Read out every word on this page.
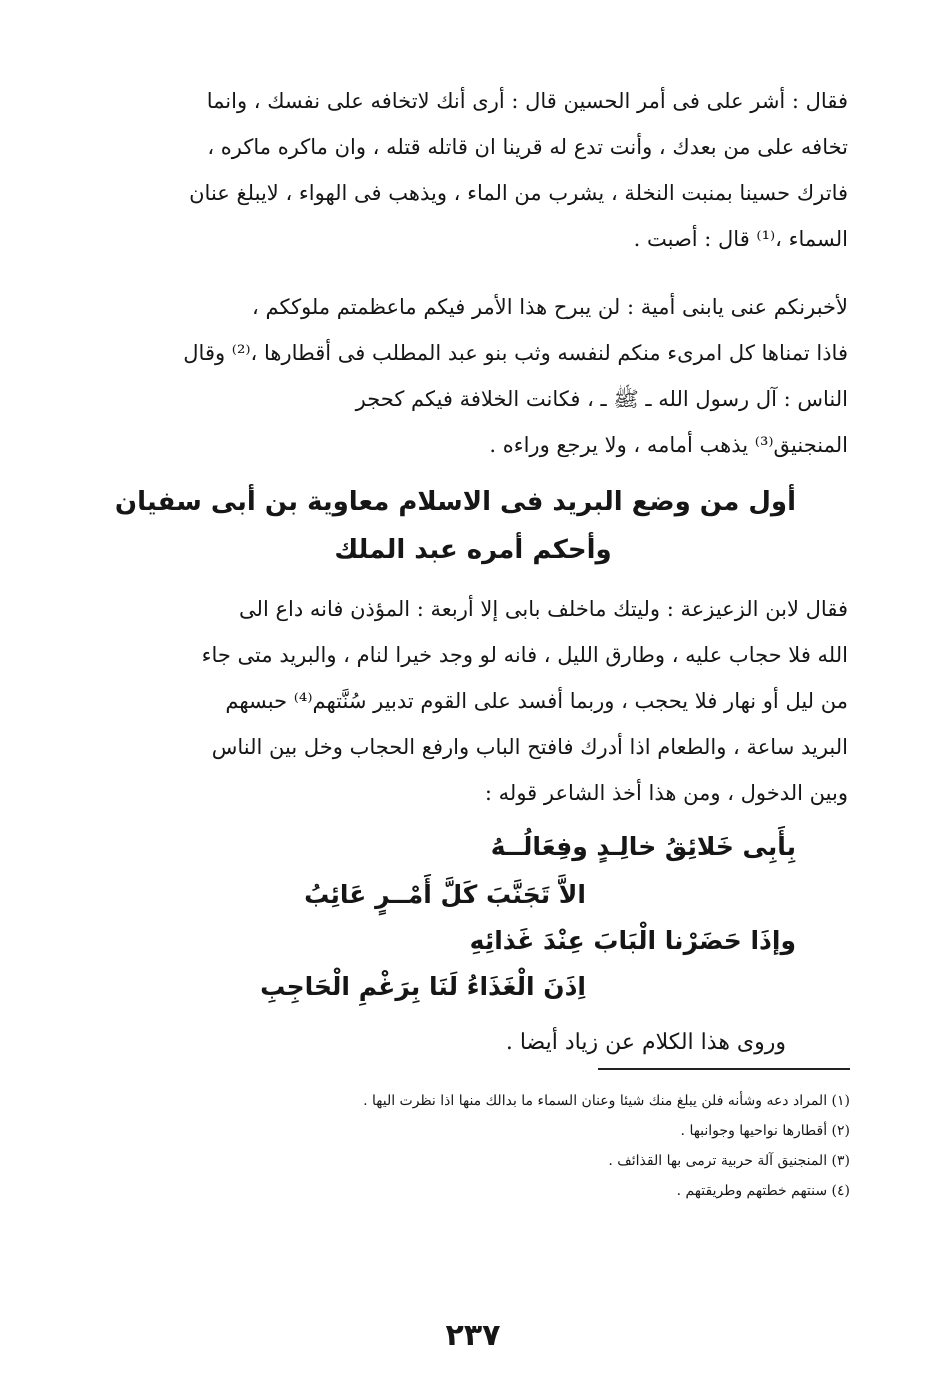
فقال : أشر على فى أمر الحسين قال : أرى أنك لاتخافه على نفسك ، وانما
تخافه على من بعدك ، وأنت تدع له قرينا ان قاتله قتله ، وان ماكره ماكره ،
فاترك حسينا بمنبت النخلة ، يشرب من الماء ، ويذهب فى الهواء ، لايبلغ عنان
السماء ،⁽¹⁾ قال : أصبت .
لأخبرنكم عنى يابنى أمية : لن يبرح هذا الأمر فيكم ماعظمتم ملوككم ،
فاذا تمناها كل امرىء منكم لنفسه وثب بنو عبد المطلب فى أقطارها ،⁽²⁾ وقال
الناس : آل رسول الله ـ ﷺ ـ ، فكانت الخلافة فيكم كحجر
المنجنيق⁽³⁾ يذهب أمامه ، ولا يرجع وراءه .
أول من وضع البريد فى الاسلام معاوية بن أبى سفيان
وأحكم أمره عبد الملك
فقال لابن الزعيزعة : وليتك ماخلف بابى إلا أربعة : المؤذن فانه داع الى
الله فلا حجاب عليه ، وطارق الليل ، فانه لو وجد خيرا لنام ، والبريد متى جاء
من ليل أو نهار فلا يحجب ، وربما أفسد على القوم تدبير سُنَّتهم⁽⁴⁾ حبسهم
البريد ساعة ، والطعام اذا أدرك فافتح الباب وارفع الحجاب وخل بين الناس
وبين الدخول ، ومن هذا أخذ الشاعر قوله :
بِأَبِى خَلائِقُ خالِـدٍ وفِعَالُــهُ
الاَّ تَجَنَّبَ كَلَّ أَمْــرٍ عَائِبُ
وإذَا حَضَرْنا الْبَابَ عِنْدَ غَذائِهِ
اِذَنَ الْغَذَاءُ لَنَا بِرَغْمِ الْحَاجِبِ
وروى هذا الكلام عن زياد أيضا .
(١) المراد دعه وشأنه فلن يبلغ منك شيئا وعنان السماء ما بدالك منها اذا نظرت اليها .
(٢) أقطارها نواحيها وجوانبها .
(٣) المنجنيق آلة حربية ترمى بها القذائف .
(٤) سنتهم خطتهم وطريقتهم .
٢٣٧
